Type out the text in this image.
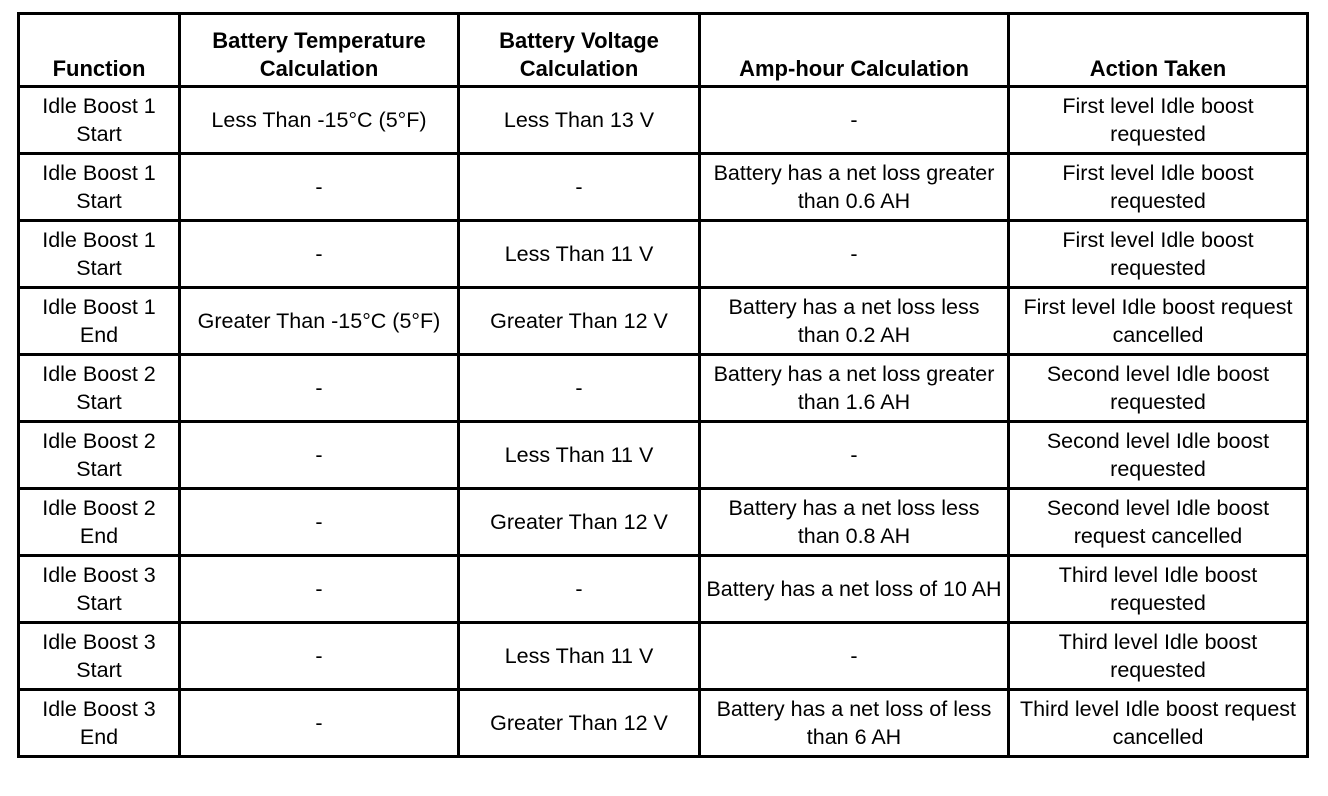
Function	Battery Temperature Calculation	Battery Voltage Calculation	Amp-hour Calculation	Action Taken
Idle Boost 1 Start	Less Than -15°C (5°F)	Less Than 13 V	-	First level Idle boost requested
Idle Boost 1 Start	-	-	Battery has a net loss greater than 0.6 AH	First level Idle boost requested
Idle Boost 1 Start	-	Less Than 11 V	-	First level Idle boost requested
Idle Boost 1 End	Greater Than -15°C (5°F)	Greater Than 12 V	Battery has a net loss less than 0.2 AH	First level Idle boost request cancelled
Idle Boost 2 Start	-	-	Battery has a net loss greater than 1.6 AH	Second level Idle boost requested
Idle Boost 2 Start	-	Less Than 11 V	-	Second level Idle boost requested
Idle Boost 2 End	-	Greater Than 12 V	Battery has a net loss less than 0.8 AH	Second level Idle boost request cancelled
Idle Boost 3 Start	-	-	Battery has a net loss of 10 AH	Third level Idle boost requested
Idle Boost 3 Start	-	Less Than 11 V	-	Third level Idle boost requested
Idle Boost 3 End	-	Greater Than 12 V	Battery has a net loss of less than 6 AH	Third level Idle boost request cancelled
